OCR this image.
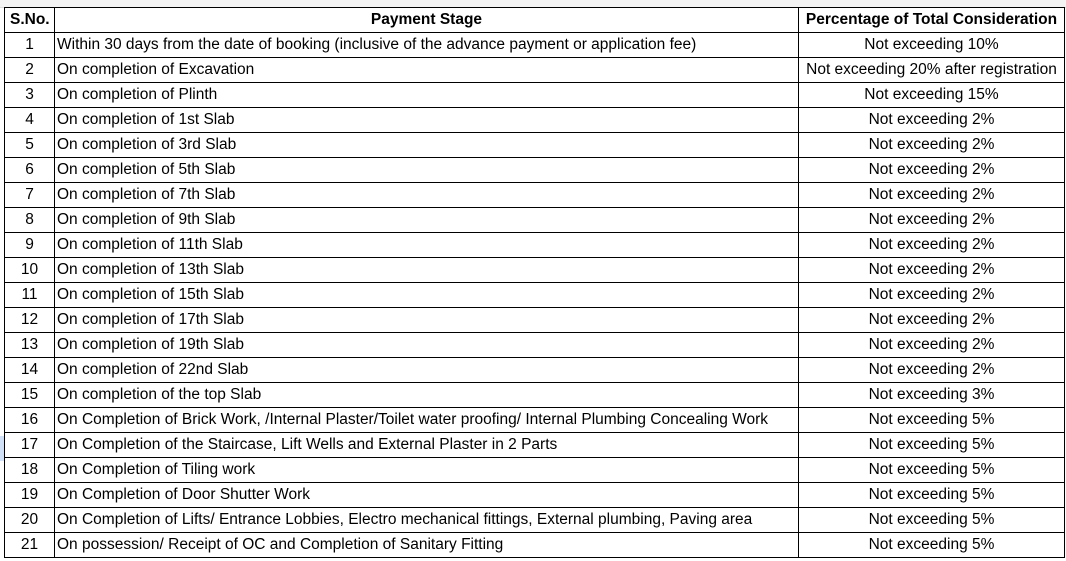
S.No.	Payment Stage	Percentage of Total Consideration
1	Within 30 days from the date of booking (inclusive of the advance payment or application fee)	Not exceeding 10%
2	On completion of Excavation	Not exceeding 20% after registration
3	On completion of Plinth	Not exceeding 15%
4	On completion of 1st Slab	Not exceeding 2%
5	On completion of 3rd Slab	Not exceeding 2%
6	On completion of 5th Slab	Not exceeding 2%
7	On completion of 7th Slab	Not exceeding 2%
8	On completion of 9th Slab	Not exceeding 2%
9	On completion of 11th Slab	Not exceeding 2%
10	On completion of 13th Slab	Not exceeding 2%
11	On completion of 15th Slab	Not exceeding 2%
12	On completion of 17th Slab	Not exceeding 2%
13	On completion of 19th Slab	Not exceeding 2%
14	On completion of 22nd Slab	Not exceeding 2%
15	On completion of the top Slab	Not exceeding 3%
16	On Completion of Brick Work, /Internal Plaster/Toilet water proofing/ Internal Plumbing Concealing Work	Not exceeding 5%
17	On Completion of the Staircase, Lift Wells and External Plaster in 2 Parts	Not exceeding 5%
18	On Completion of Tiling work	Not exceeding 5%
19	On Completion of Door Shutter Work	Not exceeding 5%
20	On Completion of Lifts/ Entrance Lobbies, Electro mechanical fittings, External plumbing, Paving area	Not exceeding 5%
21	On possession/ Receipt of OC and Completion of Sanitary Fitting	Not exceeding 5%
